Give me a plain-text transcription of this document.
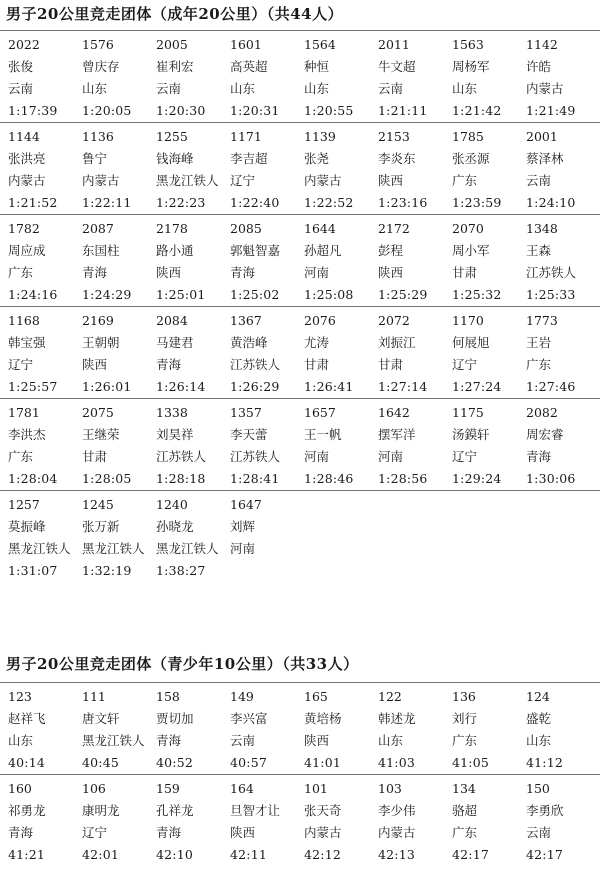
男子20公里竞走团体（成年20公里）（共44人）
2022
张俊
云南
1:17:39
1576
曾庆存
山东
1:20:05
2005
崔利宏
云南
1:20:30
1601
高英超
山东
1:20:31
1564
种恒
山东
1:20:55
2011
牛文超
云南
1:21:11
1563
周杨军
山东
1:21:42
1142
许皓
内蒙古
1:21:49
1144
张洪亮
内蒙古
1:21:52
1136
鲁宁
内蒙古
1:22:11
1255
钱海峰
黑龙江铁人
1:22:23
1171
李吉超
辽宁
1:22:40
1139
张尧
内蒙古
1:22:52
2153
李炎东
陕西
1:23:16
1785
张丞源
广东
1:23:59
2001
蔡泽林
云南
1:24:10
1782
周应成
广东
1:24:16
2087
东国柱
青海
1:24:29
2178
路小通
陕西
1:25:01
2085
郭魁智嘉
青海
1:25:02
1644
孙超凡
河南
1:25:08
2172
彭程
陕西
1:25:29
2070
周小军
甘肃
1:25:32
1348
王森
江苏铁人
1:25:33
1168
韩宝强
辽宁
1:25:57
2169
王朝朝
陕西
1:26:01
2084
马建君
青海
1:26:14
1367
黄浩峰
江苏铁人
1:26:29
2076
尤涛
甘肃
1:26:41
2072
刘振江
甘肃
1:27:14
1170
何展旭
辽宁
1:27:24
1773
王岩
广东
1:27:46
1781
李洪杰
广东
1:28:04
2075
王继荣
甘肃
1:28:05
1338
刘昊祥
江苏铁人
1:28:18
1357
李天蕾
江苏铁人
1:28:41
1657
王一帆
河南
1:28:46
1642
摆军洋
河南
1:28:56
1175
汤鏌轩
辽宁
1:29:24
2082
周宏睿
青海
1:30:06
1257
莫振峰
黑龙江铁人
1:31:07
1245
张万新
黑龙江铁人
1:32:19
1240
孙晓龙
黑龙江铁人
1:38:27
1647
刘辉
河南
男子20公里竞走团体（青少年10公里）（共33人）
123
赵祥飞
山东
40:14
111
唐文轩
黑龙江铁人
40:45
158
贾切加
青海
40:52
149
李兴富
云南
40:57
165
黄培杨
陕西
41:01
122
韩述龙
山东
41:03
136
刘行
广东
41:05
124
盛乾
山东
41:12
160
祁勇龙
青海
41:21
106
康明龙
辽宁
42:01
159
孔祥龙
青海
42:10
164
旦智才让
陕西
42:11
101
张天奇
内蒙古
42:12
103
李少伟
内蒙古
42:13
134
骆超
广东
42:17
150
李勇欣
云南
42:17
